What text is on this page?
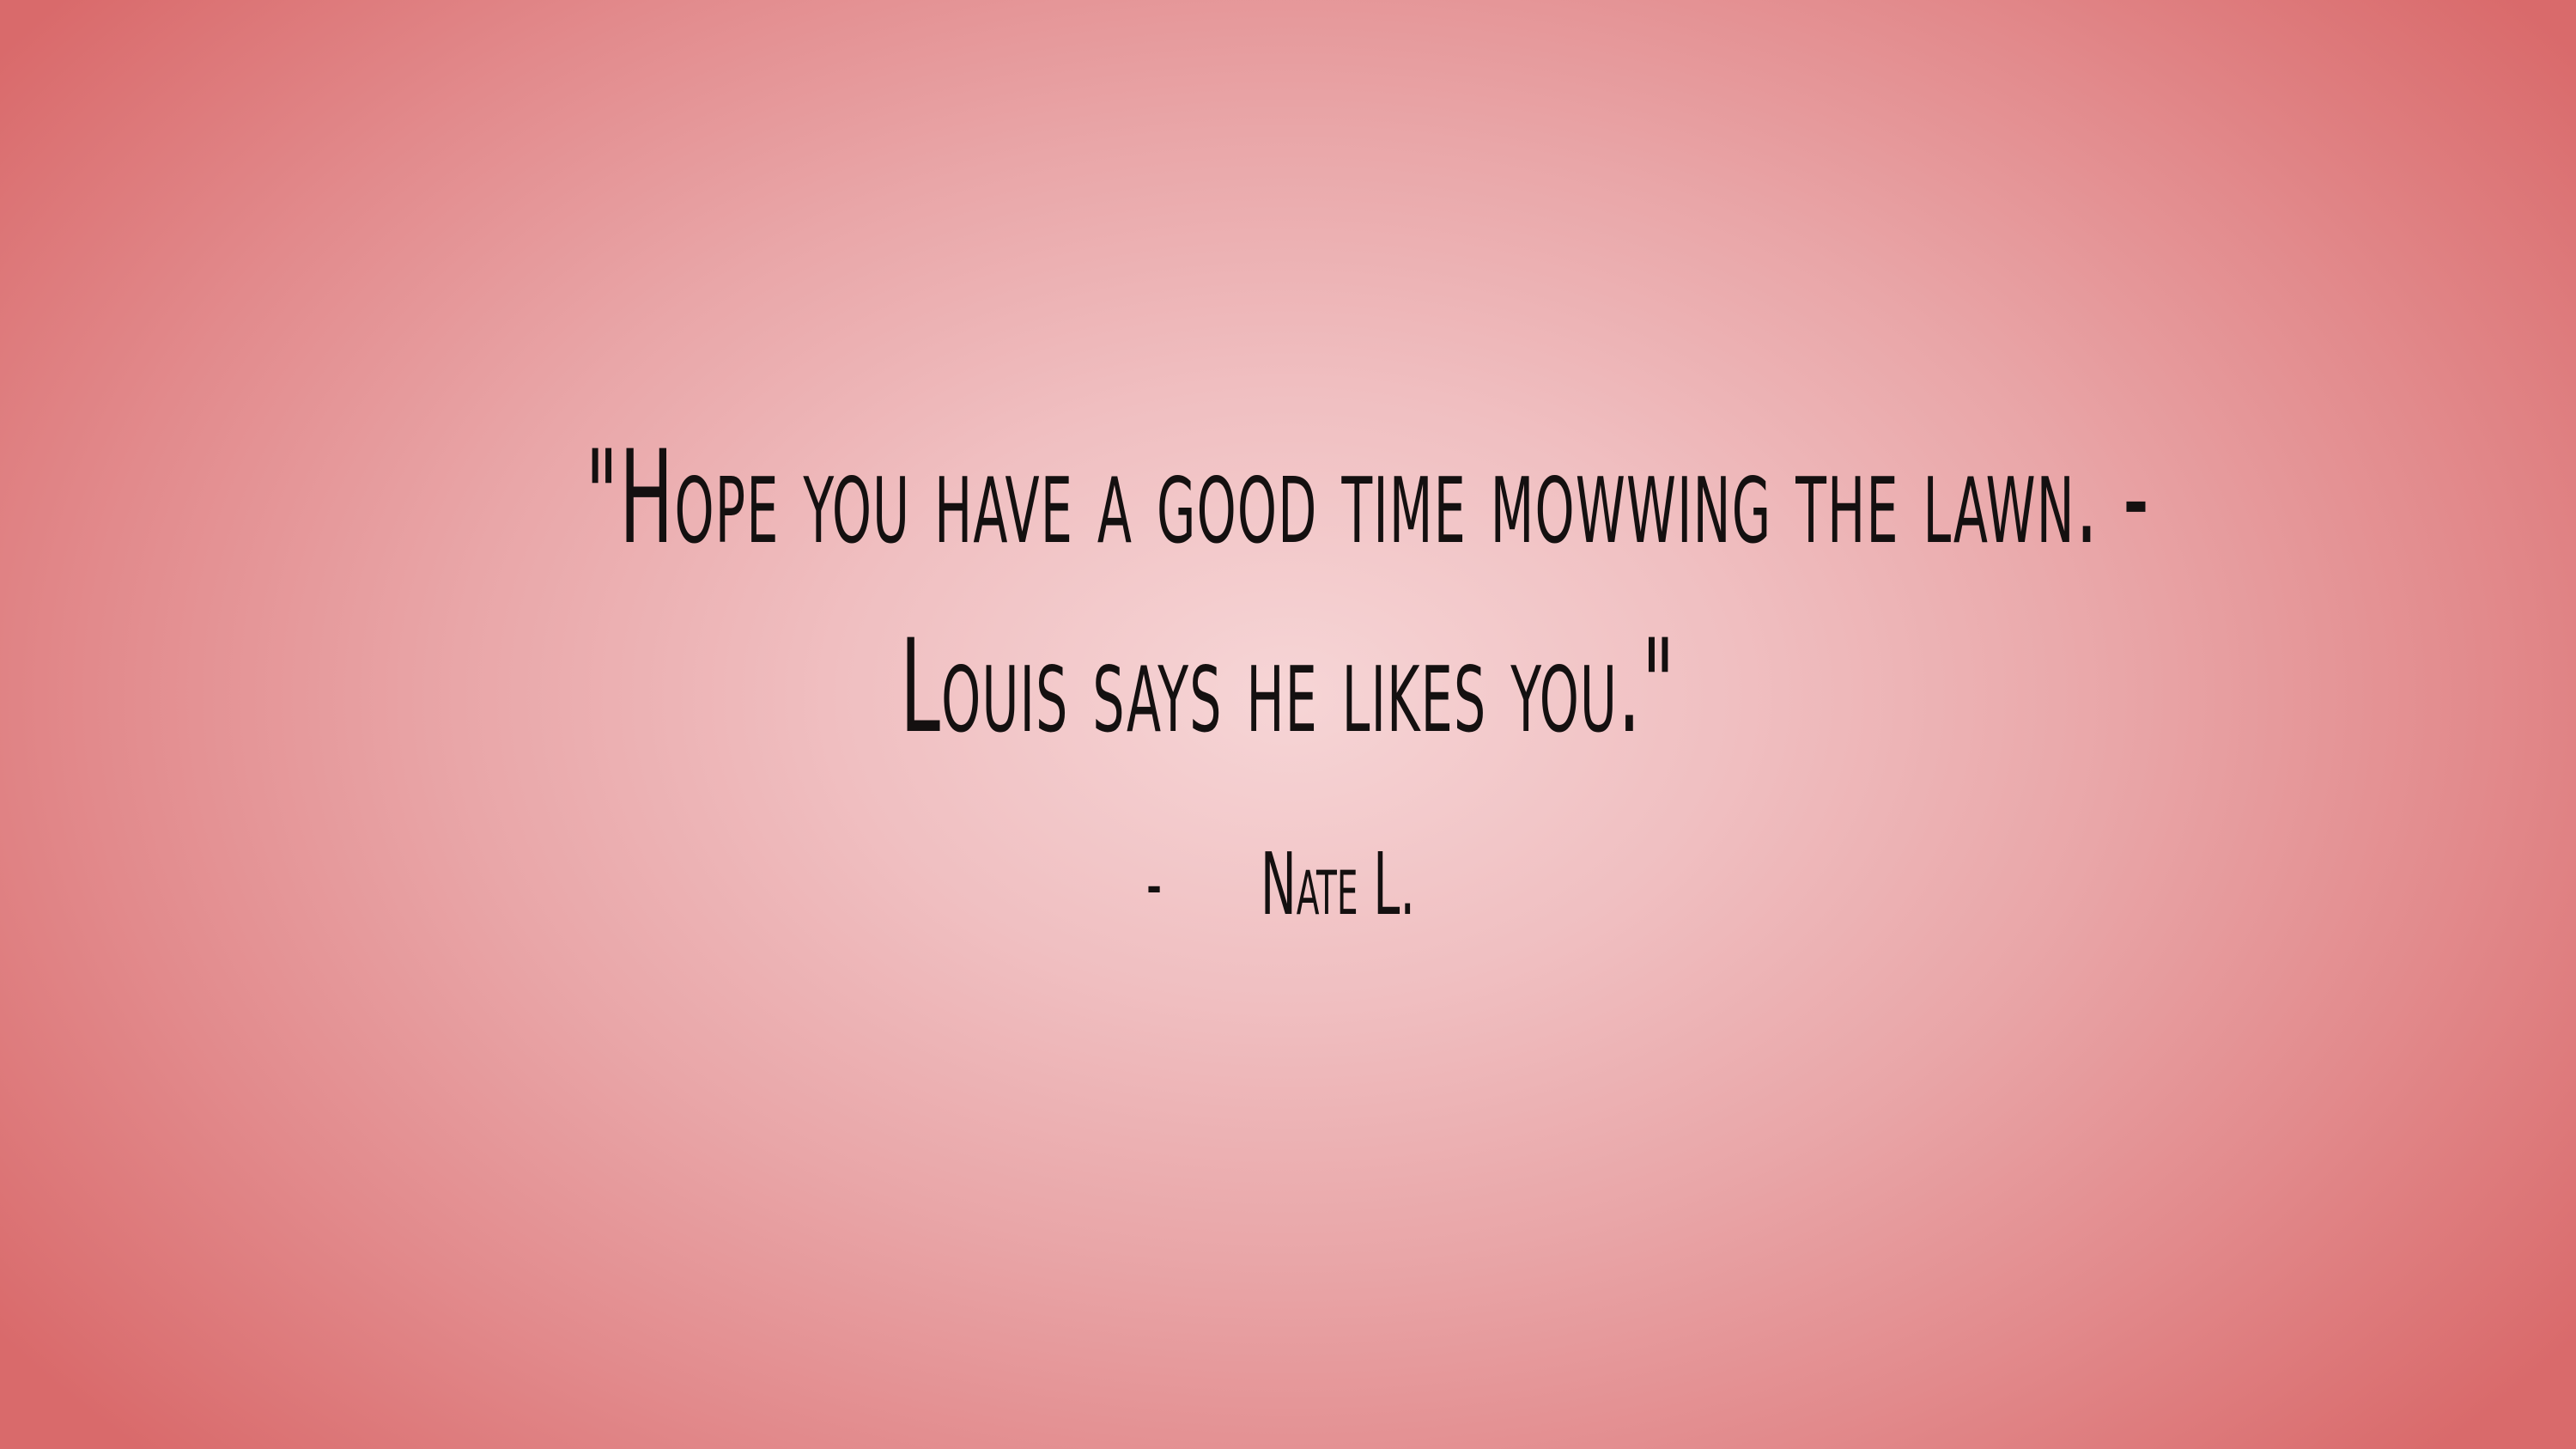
"Hope you have a good time mowwing the lawn. -
Louis says he likes you."
- Nate L.
